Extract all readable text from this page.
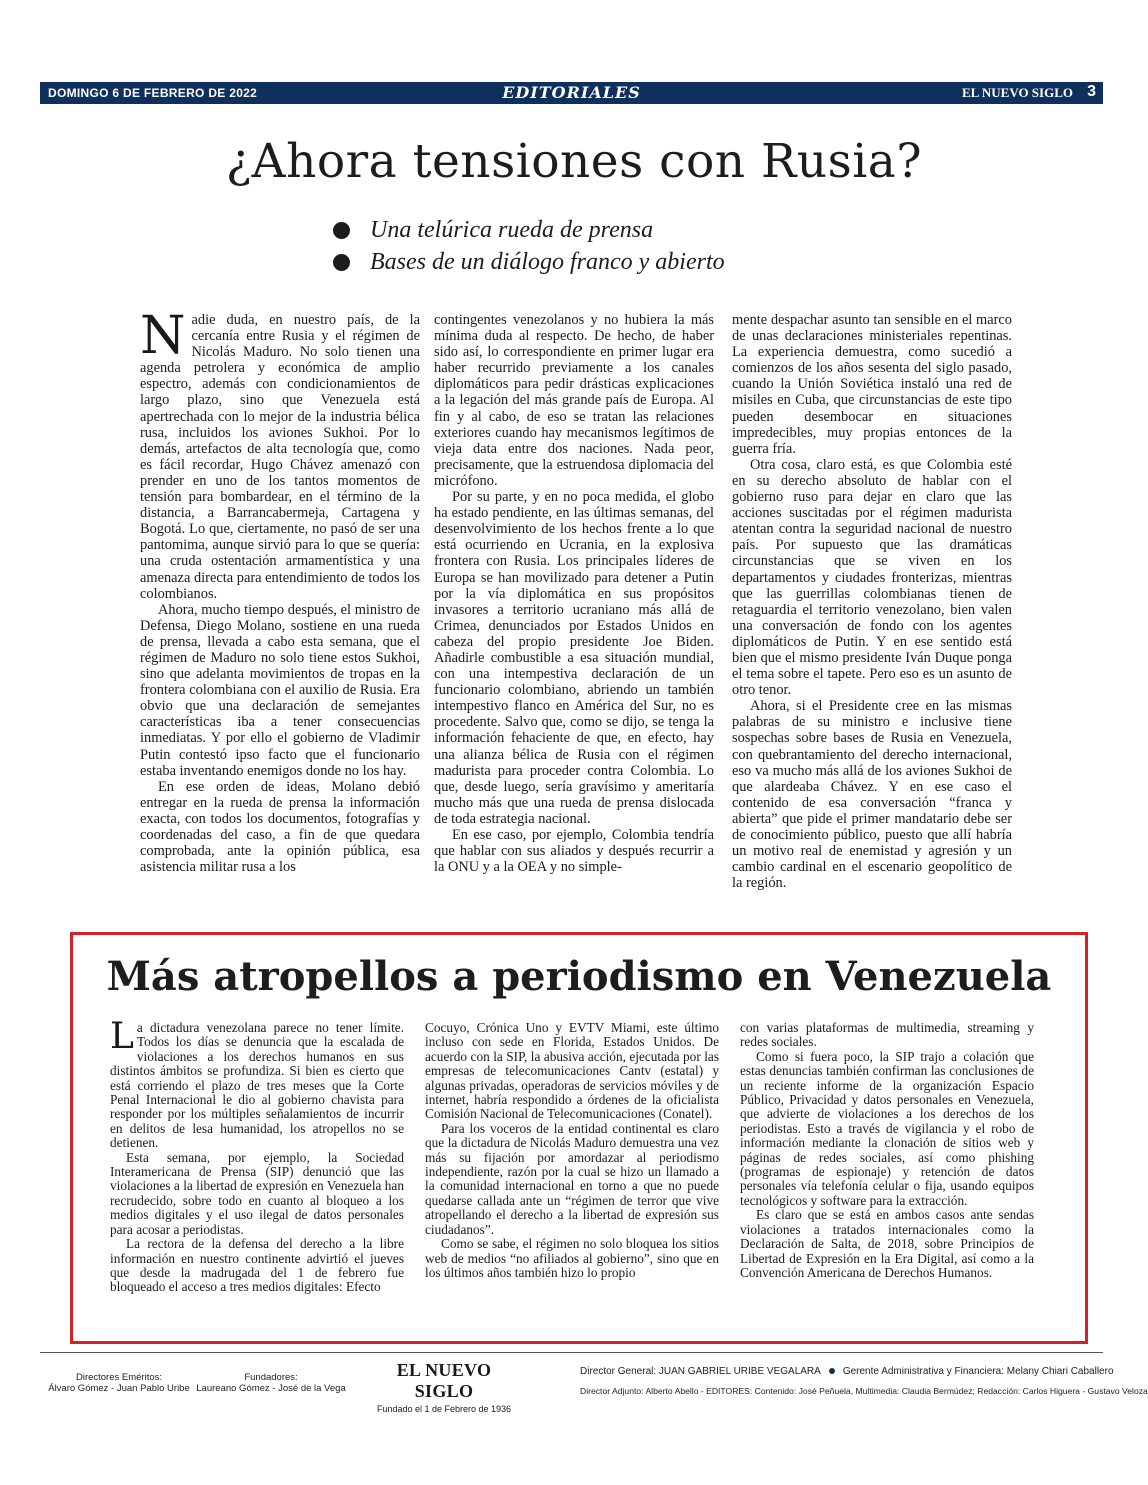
DOMINGO 6 DE FEBRERO DE 2022	EDITORIALES	EL NUEVO SIGLO 3
¿Ahora tensiones con Rusia?
Una telúrica rueda de prensa
Bases de un diálogo franco y abierto

Nadie duda, en nuestro país, de la cercanía entre Rusia y el régimen de Nicolás Maduro. No solo tienen una agenda petrolera y económica de amplio espectro, además con condicionamientos de largo plazo, sino que Venezuela está apertrechada con lo mejor de la industria bélica rusa, incluidos los aviones Sukhoi. Por lo demás, artefactos de alta tecnología que, como es fácil recordar, Hugo Chávez amenazó con prender en uno de los tantos momentos de tensión para bombardear, en el término de la distancia, a Barrancabermeja, Cartagena y Bogotá. Lo que, ciertamente, no pasó de ser una pantomima, aunque sirvió para lo que se quería: una cruda ostentación armamentística y una amenaza directa para entendimiento de todos los colombianos.

Ahora, mucho tiempo después, el ministro de Defensa, Diego Molano, sostiene en una rueda de prensa, llevada a cabo esta semana, que el régimen de Maduro no solo tiene estos Sukhoi, sino que adelanta movimientos de tropas en la frontera colombiana con el auxilio de Rusia. Era obvio que una declaración de semejantes características iba a tener consecuencias inmediatas. Y por ello el gobierno de Vladimir Putin contestó ipso facto que el funcionario estaba inventando enemigos donde no los hay.

En ese orden de ideas, Molano debió entregar en la rueda de prensa la información exacta, con todos los documentos, fotografías y coordenadas del caso, a fin de que quedara comprobada, ante la opinión pública, esa asistencia militar rusa a los

contingentes venezolanos y no hubiera la más mínima duda al respecto. De hecho, de haber sido así, lo correspondiente en primer lugar era haber recurrido previamente a los canales diplomáticos para pedir drásticas explicaciones a la legación del más grande país de Europa. Al fin y al cabo, de eso se tratan las relaciones exteriores cuando hay mecanismos legítimos de vieja data entre dos naciones. Nada peor, precisamente, que la estruendosa diplomacia del micrófono.

Por su parte, y en no poca medida, el globo ha estado pendiente, en las últimas semanas, del desenvolvimiento de los hechos frente a lo que está ocurriendo en Ucrania, en la explosiva frontera con Rusia. Los principales líderes de Europa se han movilizado para detener a Putin por la vía diplomática en sus propósitos invasores a territorio ucraniano más allá de Crimea, denunciados por Estados Unidos en cabeza del propio presidente Joe Biden. Añadirle combustible a esa situación mundial, con una intempestiva declaración de un funcionario colombiano, abriendo un también intempestivo flanco en América del Sur, no es procedente. Salvo que, como se dijo, se tenga la información fehaciente de que, en efecto, hay una alianza bélica de Rusia con el régimen madurista para proceder contra Colombia. Lo que, desde luego, sería gravísimo y ameritaría mucho más que una rueda de prensa dislocada de toda estrategia nacional.

En ese caso, por ejemplo, Colombia tendría que hablar con sus aliados y después recurrir a la ONU y a la OEA y no simple-

mente despachar asunto tan sensible en el marco de unas declaraciones ministeriales repentinas. La experiencia demuestra, como sucedió a comienzos de los años sesenta del siglo pasado, cuando la Unión Soviética instaló una red de misiles en Cuba, que circunstancias de este tipo pueden desembocar en situaciones impredecibles, muy propias entonces de la guerra fría.

Otra cosa, claro está, es que Colombia esté en su derecho absoluto de hablar con el gobierno ruso para dejar en claro que las acciones suscitadas por el régimen madurista atentan contra la seguridad nacional de nuestro país. Por supuesto que las dramáticas circunstancias que se viven en los departamentos y ciudades fronterizas, mientras que las guerrillas colombianas tienen de retaguardia el territorio venezolano, bien valen una conversación de fondo con los agentes diplomáticos de Putin. Y en ese sentido está bien que el mismo presidente Iván Duque ponga el tema sobre el tapete. Pero eso es un asunto de otro tenor.

Ahora, si el Presidente cree en las mismas palabras de su ministro e inclusive tiene sospechas sobre bases de Rusia en Venezuela, con quebrantamiento del derecho internacional, eso va mucho más allá de los aviones Sukhoi de que alardeaba Chávez. Y en ese caso el contenido de esa conversación “franca y abierta” que pide el primer mandatario debe ser de conocimiento público, puesto que allí habría un motivo real de enemistad y agresión y un cambio cardinal en el escenario geopolítico de la región.

Más atropellos a periodismo en Venezuela

La dictadura venezolana parece no tener límite. Todos los días se denuncia que la escalada de violaciones a los derechos humanos en sus distintos ámbitos se profundiza. Si bien es cierto que está corriendo el plazo de tres meses que la Corte Penal Internacional le dio al gobierno chavista para responder por los múltiples señalamientos de incurrir en delitos de lesa humanidad, los atropellos no se detienen.

Esta semana, por ejemplo, la Sociedad Interamericana de Prensa (SIP) denunció que las violaciones a la libertad de expresión en Venezuela han recrudecido, sobre todo en cuanto al bloqueo a los medios digitales y el uso ilegal de datos personales para acosar a periodistas.

La rectora de la defensa del derecho a la libre información en nuestro continente advirtió el jueves que desde la madrugada del 1 de febrero fue bloqueado el acceso a tres medios digitales: Efecto

Cocuyo, Crónica Uno y EVTV Miami, este último incluso con sede en Florida, Estados Unidos. De acuerdo con la SIP, la abusiva acción, ejecutada por las empresas de telecomunicaciones Cantv (estatal) y algunas privadas, operadoras de servicios móviles y de internet, habría respondido a órdenes de la oficialista Comisión Nacional de Telecomunicaciones (Conatel).

Para los voceros de la entidad continental es claro que la dictadura de Nicolás Maduro demuestra una vez más su fijación por amordazar al periodismo independiente, razón por la cual se hizo un llamado a la comunidad internacional en torno a que no puede quedarse callada ante un “régimen de terror que vive atropellando el derecho a la libertad de expresión sus ciudadanos”.

Como se sabe, el régimen no solo bloquea los sitios web de medios “no afiliados al gobierno”, sino que en los últimos años también hizo lo propio

con varias plataformas de multimedia, streaming y redes sociales.

Como si fuera poco, la SIP trajo a colación que estas denuncias también confirman las conclusiones de un reciente informe de la organización Espacio Público, Privacidad y datos personales en Venezuela, que advierte de violaciones a los derechos de los periodistas. Esto a través de vigilancia y el robo de información mediante la clonación de sitios web y páginas de redes sociales, así como phishing (programas de espionaje) y retención de datos personales vía telefonía celular o fija, usando equipos tecnológicos y software para la extracción.

Es claro que se está en ambos casos ante sendas violaciones a tratados internacionales como la Declaración de Salta, de 2018, sobre Principios de Libertad de Expresión en la Era Digital, así como a la Convención Americana de Derechos Humanos.

Directores Eméritos:
Álvaro Gómez - Juan Pablo Uribe
Fundadores:
Laureano Gómez - José de la Vega
EL NUEVO SIGLO
Fundado el 1 de Febrero de 1936
Director General: JUAN GABRIEL URIBE VEGALARA Gerente Administrativa y Financiera: Melany Chiari Caballero
Director Adjunto: Alberto Abello - EDITORES: Contenido: José Peñuela, Multimedia: Claudia Bermúdez; Redacción: Carlos Higuera - Gustavo Veloza
